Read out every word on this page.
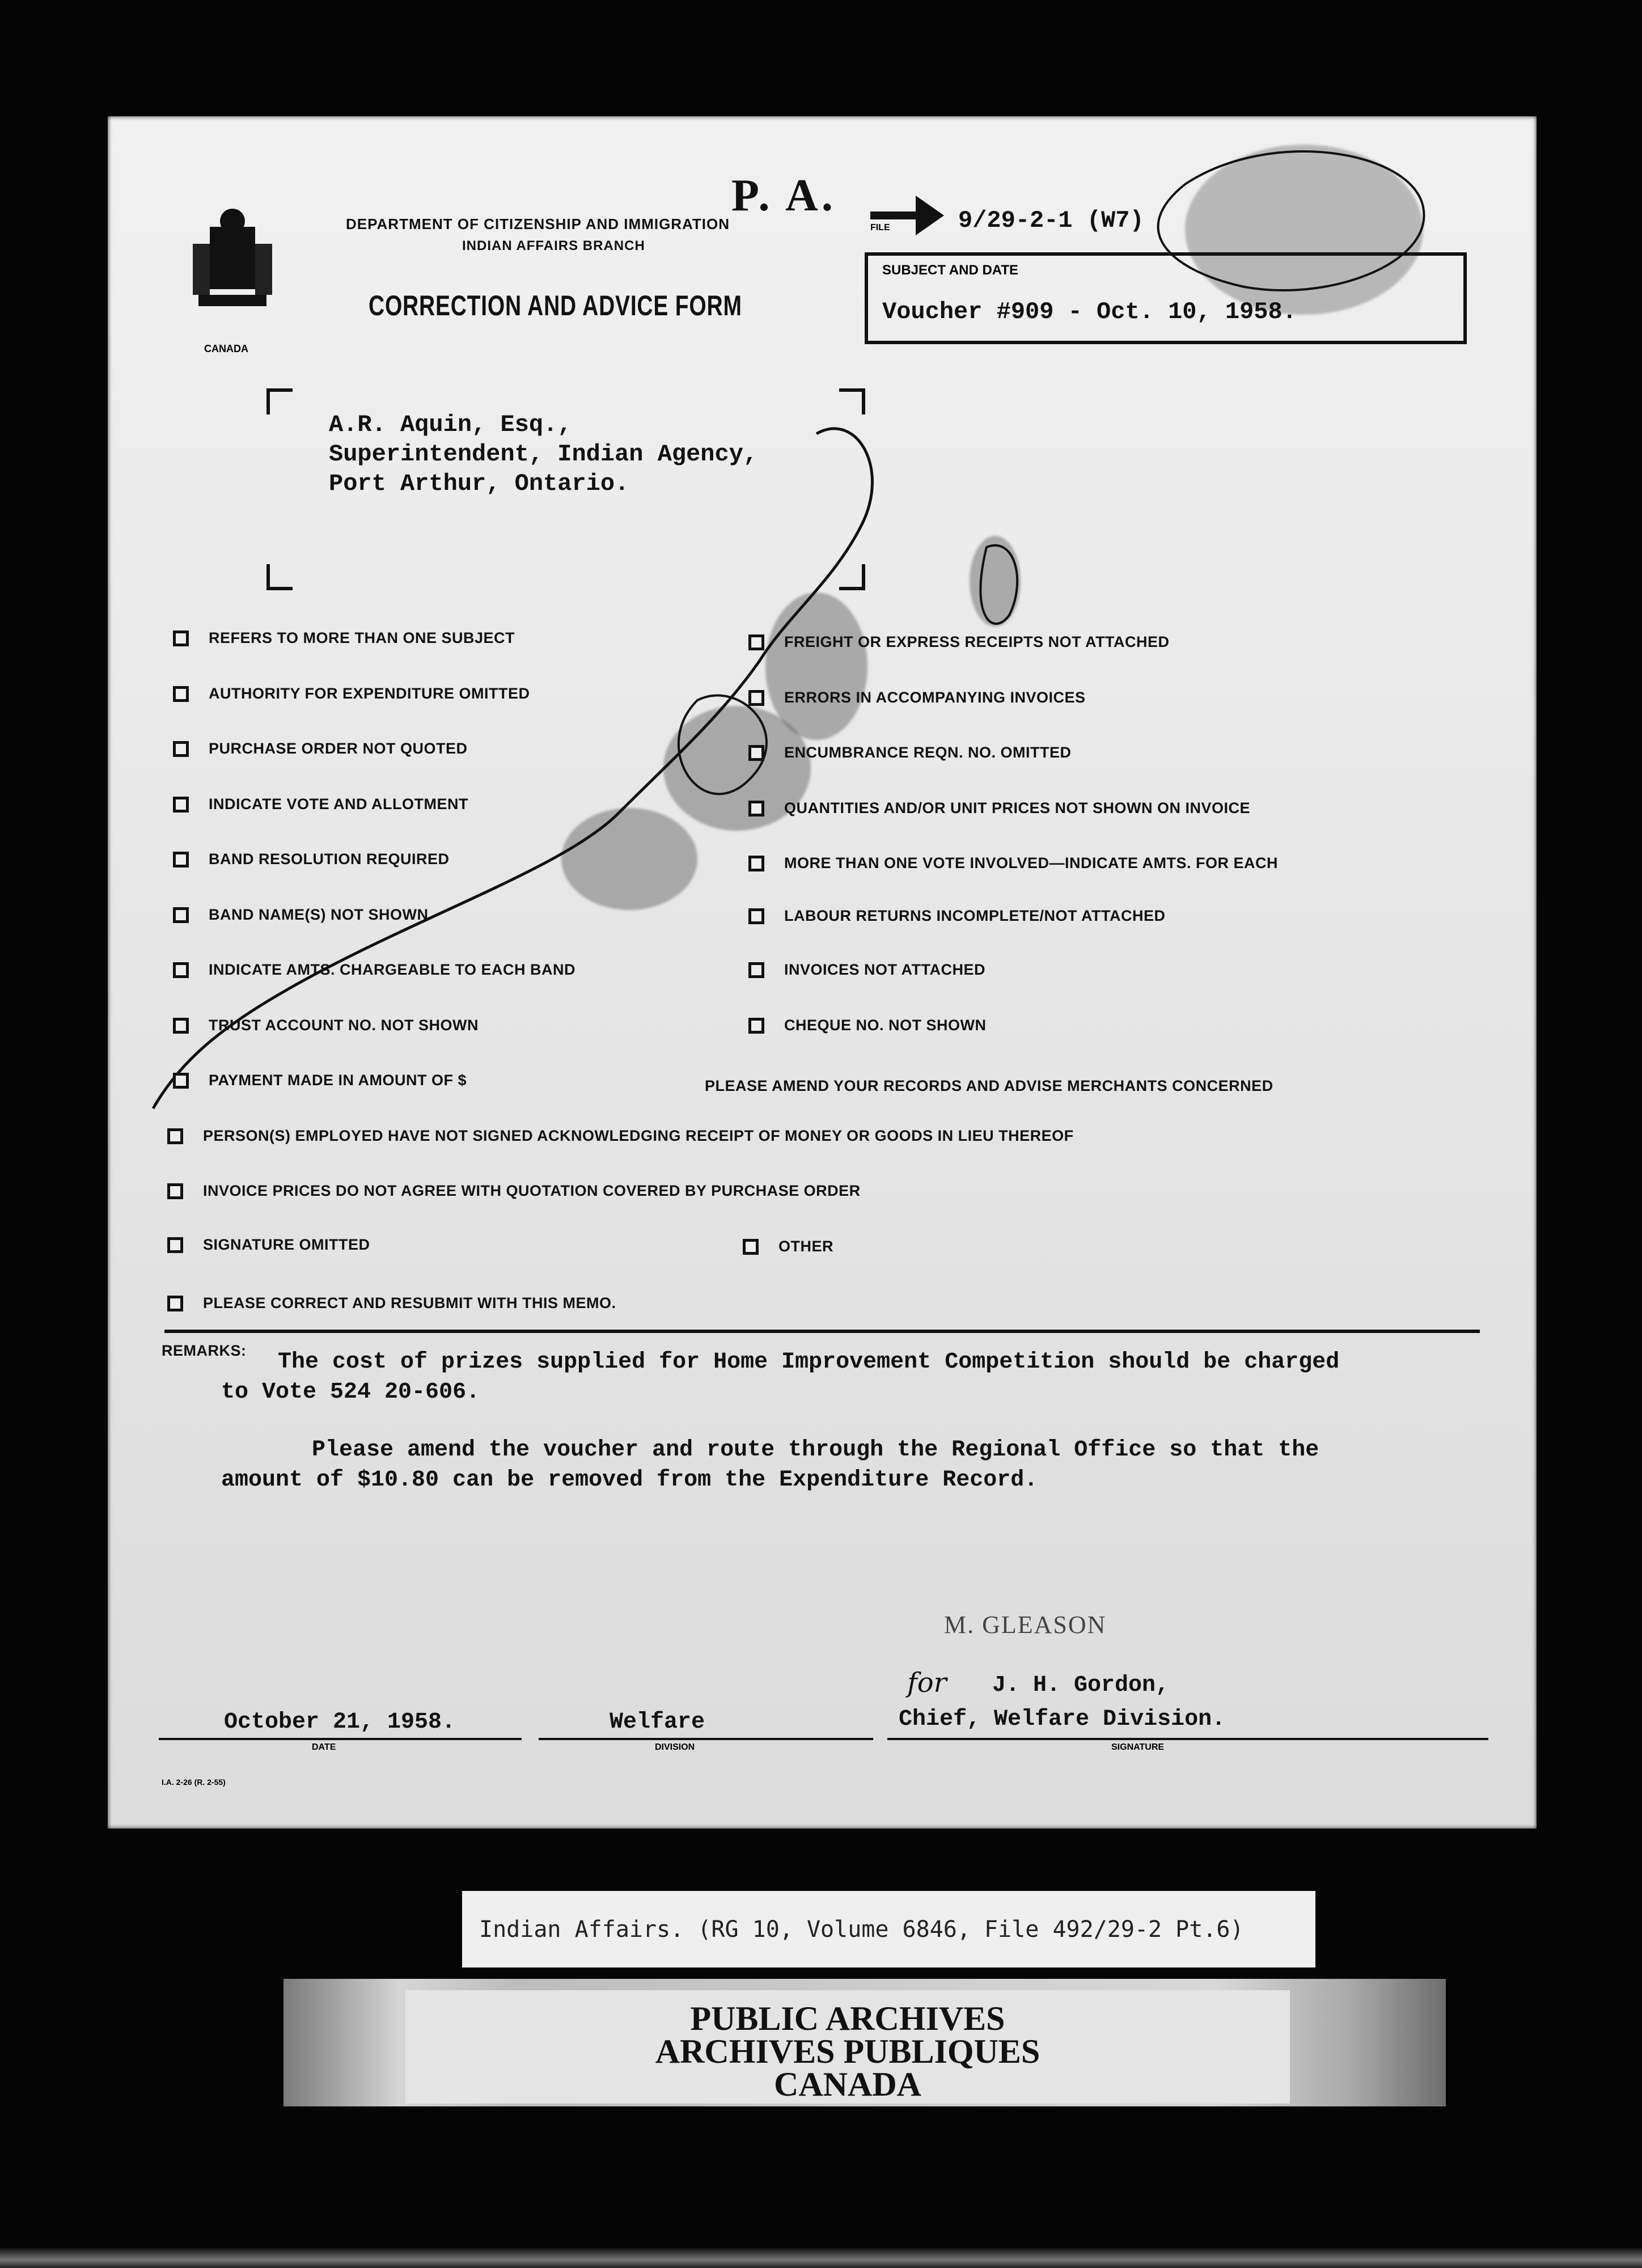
CANADA
P. A.
DEPARTMENT OF CITIZENSHIP AND IMMIGRATION
INDIAN AFFAIRS BRANCH
CORRECTION AND ADVICE FORM
FILE	9/29-2-1 (W7)
SUBJECT AND DATE
Voucher #909 - Oct. 10, 1958.
A.R. Aquin, Esq.,
Superintendent, Indian Agency,
Port Arthur, Ontario.
REFERS TO MORE THAN ONE SUBJECT
AUTHORITY FOR EXPENDITURE OMITTED
PURCHASE ORDER NOT QUOTED
INDICATE VOTE AND ALLOTMENT
BAND RESOLUTION REQUIRED
BAND NAME(S) NOT SHOWN
INDICATE AMTS. CHARGEABLE TO EACH BAND
TRUST ACCOUNT NO. NOT SHOWN
PAYMENT MADE IN AMOUNT OF $
FREIGHT OR EXPRESS RECEIPTS NOT ATTACHED
ERRORS IN ACCOMPANYING INVOICES
ENCUMBRANCE REQN. NO. OMITTED
QUANTITIES AND/OR UNIT PRICES NOT SHOWN ON INVOICE
MORE THAN ONE VOTE INVOLVED—INDICATE AMTS. FOR EACH
LABOUR RETURNS INCOMPLETE/NOT ATTACHED
INVOICES NOT ATTACHED
CHEQUE NO. NOT SHOWN
PLEASE AMEND YOUR RECORDS AND ADVISE MERCHANTS CONCERNED
PERSON(S) EMPLOYED HAVE NOT SIGNED ACKNOWLEDGING RECEIPT OF MONEY OR GOODS IN LIEU THEREOF
INVOICE PRICES DO NOT AGREE WITH QUOTATION COVERED BY PURCHASE ORDER
SIGNATURE OMITTED	OTHER
PLEASE CORRECT AND RESUBMIT WITH THIS MEMO.
REMARKS: The cost of prizes supplied for Home Improvement Competition should be charged
to Vote 524 20-606.
Please amend the voucher and route through the Regional Office so that the
amount of $10.80 can be removed from the Expenditure Record.
M. GLEASON
for J. H. Gordon,
Chief, Welfare Division.
October 21, 1958.
DATE
Welfare
DIVISION	SIGNATURE
I.A. 2-26 (R. 2-55)
Indian Affairs. (RG 10, Volume 6846, File 492/29-2 Pt.6)
PUBLIC ARCHIVES
ARCHIVES PUBLIQUES
CANADA
